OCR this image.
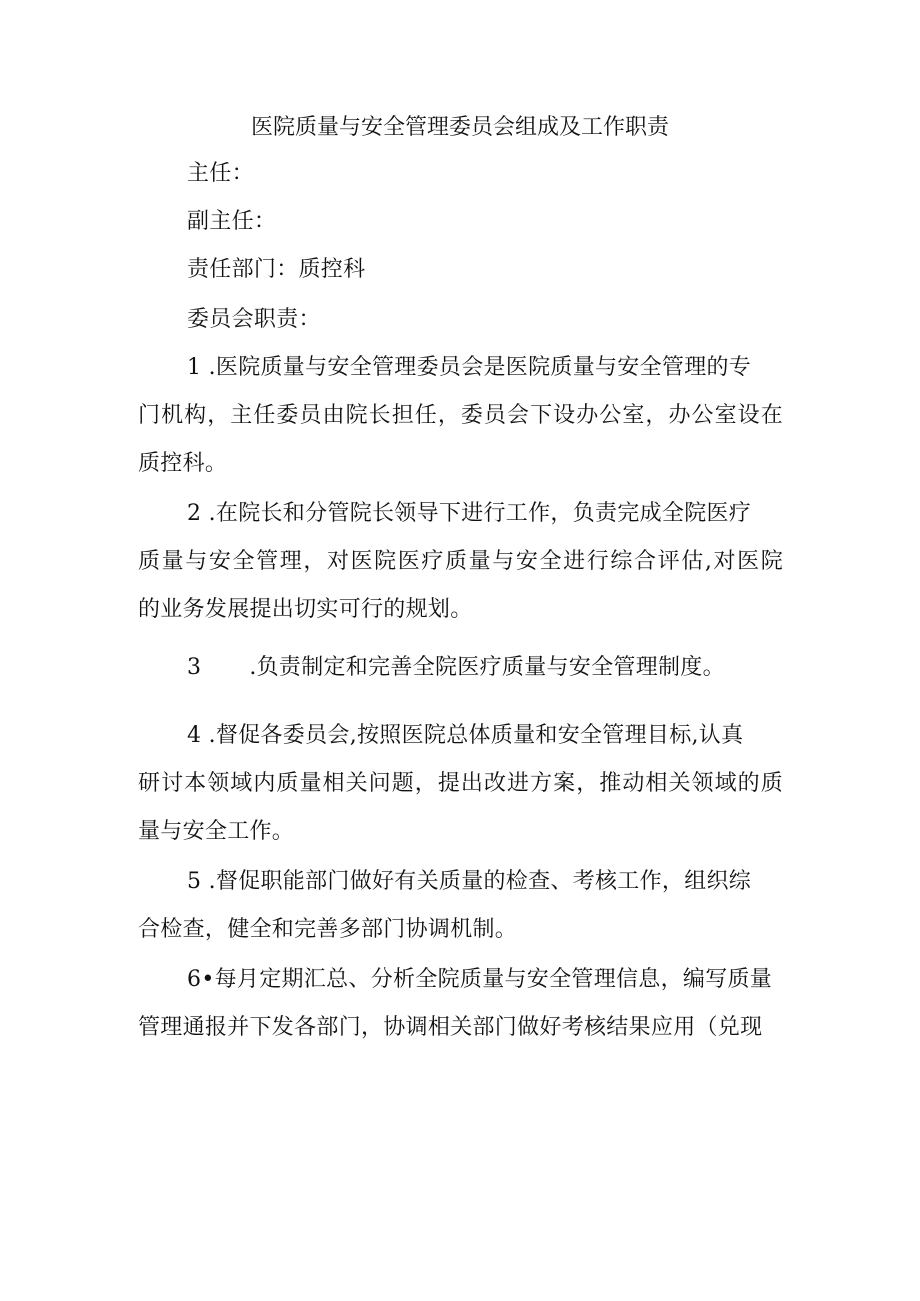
医院质量与安全管理委员会组成及工作职责
主任：
副主任：
责任部门：质控科
委员会职责：
1 .医院质量与安全管理委员会是医院质量与安全管理的专
门机构，主任委员由院长担任，委员会下设办公室，办公室设在
质控科。
2 .在院长和分管院长领导下进行工作，负责完成全院医疗
质量与安全管理，对医院医疗质量与安全进行综合评估,对医院
的业务发展提出切实可行的规划。
3 .负责制定和完善全院医疗质量与安全管理制度。
4 .督促各委员会,按照医院总体质量和安全管理目标,认真
研讨本领域内质量相关问题，提出改进方案，推动相关领域的质
量与安全工作。
5 .督促职能部门做好有关质量的检查、考核工作，组织综
合检查，健全和完善多部门协调机制。
6•每月定期汇总、分析全院质量与安全管理信息，编写质量
管理通报并下发各部门，协调相关部门做好考核结果应用（兑现
